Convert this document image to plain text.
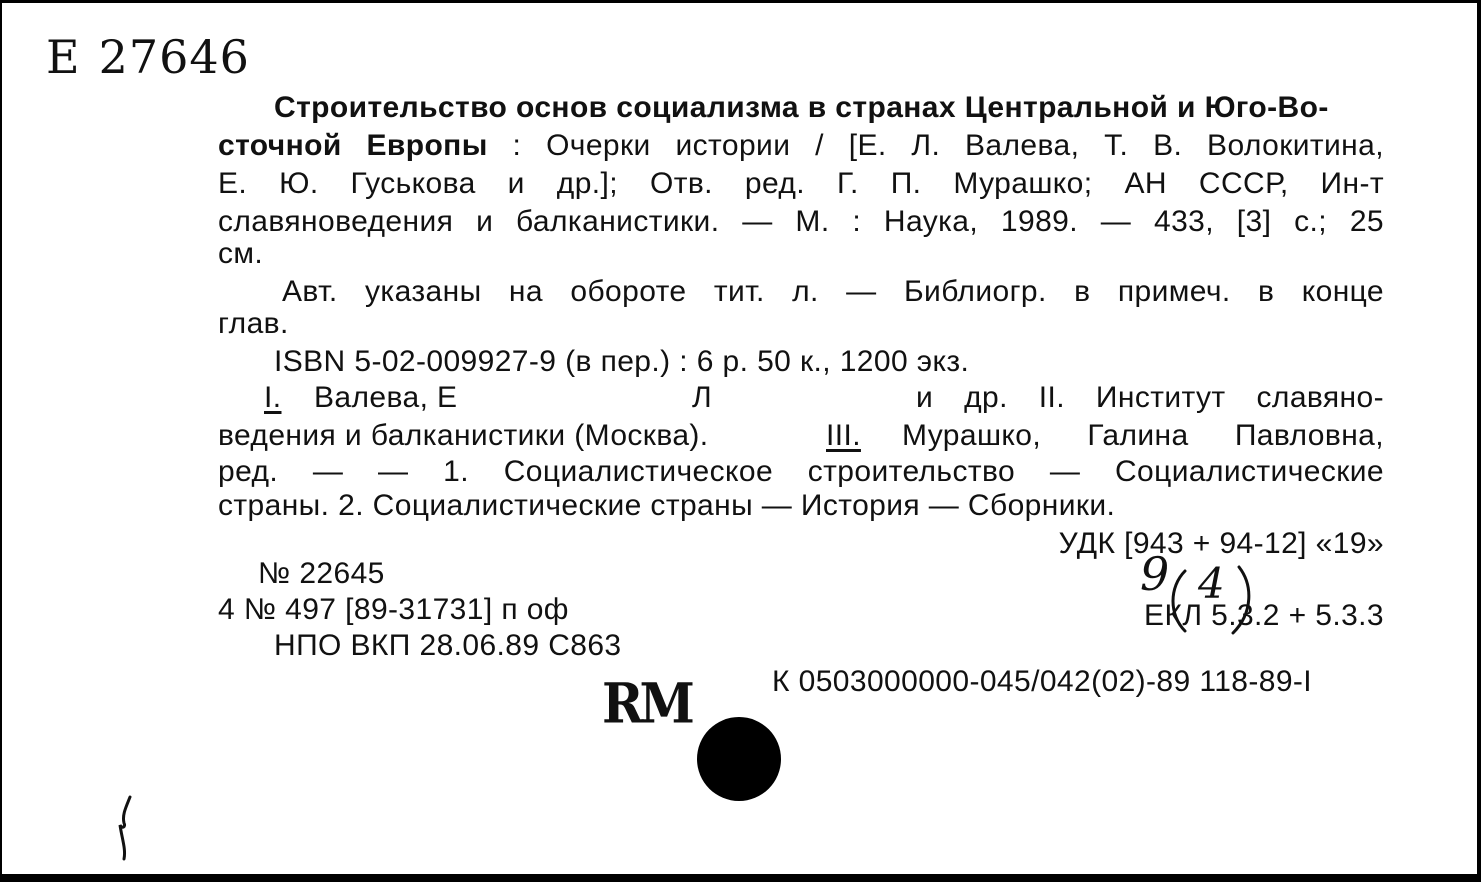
E 27646
Строительство основ социализма в странах Центральной и Юго-Во-
сточной Европы : Очерки истории / [Е. Л. Валева, Т. В. Волокитина,
Е. Ю. Гуськова и др.]; Отв. ред. Г. П. Мурашко; АН СССР, Ин-т
славяноведения и балканистики. — М. : Наука, 1989. — 433, [3] с.; 25
см.
Авт. указаны на обороте тит. л. — Библиогр. в примеч. в конце
глав.
ISBN 5-02-009927-9 (в пер.) : 6 р. 50 к., 1200 экз.
I. Валева, Е	Л	и др. II. Институт славяно-
ведения и балканистики (Москва).	III. Мурашко, Галина Павловна,
ред. — — 1. Социалистическое строительство — Социалистические
страны. 2. Социалистические страны — История — Сборники.
УДК [943 + 94-12] «19»
№ 22645
4 № 497 [89-31731] п оф
НПО ВКП 28.06.89 С863
ЕКЛ 5.3.2 + 5.3.3
9 4
К 0503000000-045/042(02)-89 118-89-I
RM
